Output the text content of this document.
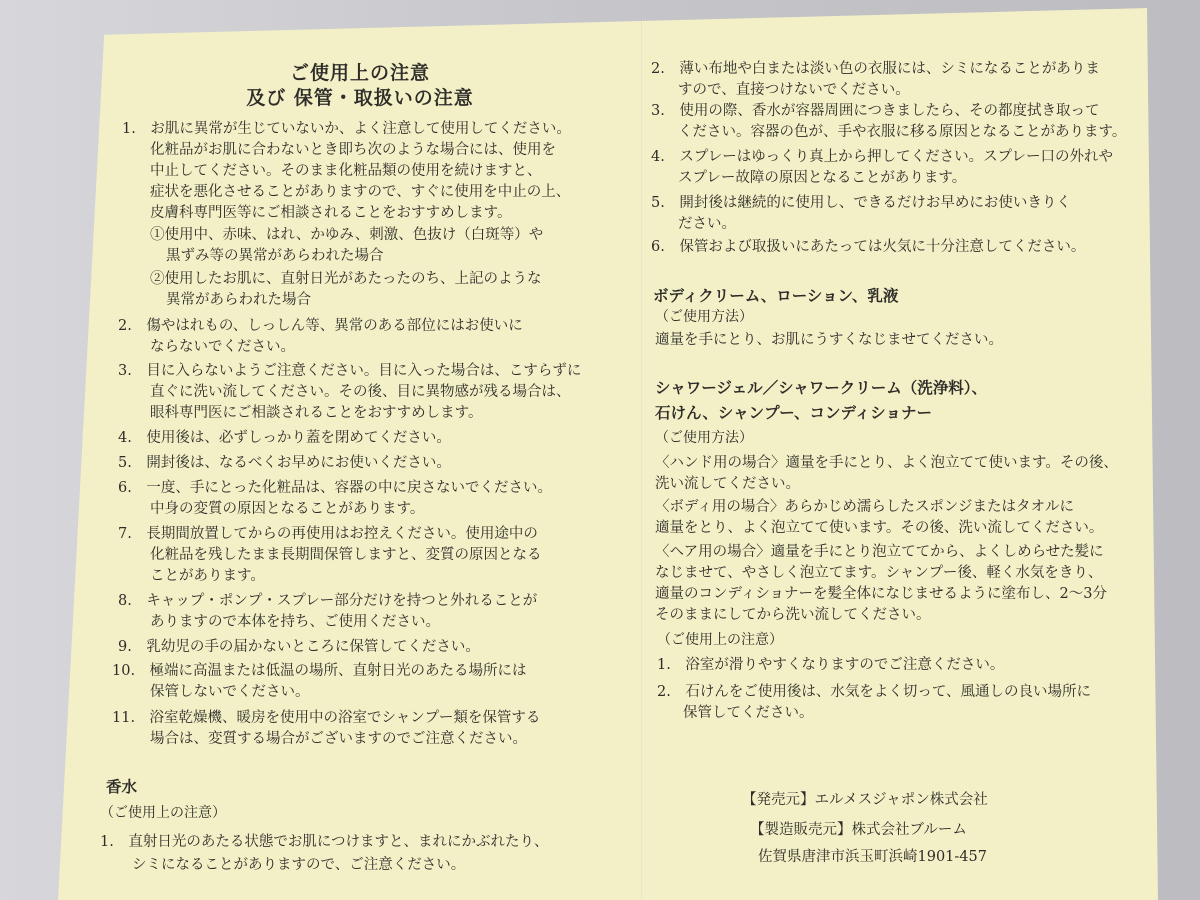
ご使用上の注意
及び 保管・取扱いの注意
1.　お肌に異常が生じていないか、よく注意して使用してください。
化粧品がお肌に合わないとき即ち次のような場合には、使用を
中止してください。そのまま化粧品類の使用を続けますと、
症状を悪化させることがありますので、すぐに使用を中止の上、
皮膚科専門医等にご相談されることをおすすめします。
①使用中、赤味、はれ、かゆみ、刺激、色抜け（白斑等）や
黒ずみ等の異常があらわれた場合
②使用したお肌に、直射日光があたったのち、上記のような
異常があらわれた場合
2.　傷やはれもの、しっしん等、異常のある部位にはお使いに
ならないでください。
3.　目に入らないようご注意ください。目に入った場合は、こすらずに
直ぐに洗い流してください。その後、目に異物感が残る場合は、
眼科専門医にご相談されることをおすすめします。
4.　使用後は、必ずしっかり蓋を閉めてください。
5.　開封後は、なるべくお早めにお使いください。
6.　一度、手にとった化粧品は、容器の中に戻さないでください。
中身の変質の原因となることがあります。
7.　長期間放置してからの再使用はお控えください。使用途中の
化粧品を残したまま長期間保管しますと、変質の原因となる
ことがあります。
8.　キャップ・ポンプ・スプレー部分だけを持つと外れることが
ありますので本体を持ち、ご使用ください。
9.　乳幼児の手の届かないところに保管してください。
10.　極端に高温または低温の場所、直射日光のあたる場所には
保管しないでください。
11.　浴室乾燥機、暖房を使用中の浴室でシャンプー類を保管する
場合は、変質する場合がございますのでご注意ください。
香水
（ご使用上の注意）
1.　直射日光のあたる状態でお肌につけますと、まれにかぶれたり、
シミになることがありますので、ご注意ください。
2.　薄い布地や白または淡い色の衣服には、シミになることがありま
すので、直接つけないでください。
3.　使用の際、香水が容器周囲につきましたら、その都度拭き取って
ください。容器の色が、手や衣服に移る原因となることがあります。
4.　スプレーはゆっくり真上から押してください。スプレー口の外れや
スプレー故障の原因となることがあります。
5.　開封後は継続的に使用し、できるだけお早めにお使いきりく
ださい。
6.　保管および取扱いにあたっては火気に十分注意してください。
ボディクリーム、ローション、乳液
（ご使用方法）
適量を手にとり、お肌にうすくなじませてください。
シャワージェル／シャワークリーム（洗浄料）、
石けん、シャンプー、コンディショナー
（ご使用方法）
〈ハンド用の場合〉適量を手にとり、よく泡立てて使います。その後、
洗い流してください。
〈ボディ用の場合〉あらかじめ濡らしたスポンジまたはタオルに
適量をとり、よく泡立てて使います。その後、洗い流してください。
〈ヘア用の場合〉適量を手にとり泡立ててから、よくしめらせた髪に
なじませて、やさしく泡立てます。シャンプー後、軽く水気をきり、
適量のコンディショナーを髪全体になじませるように塗布し、2〜3分
そのままにしてから洗い流してください。
（ご使用上の注意）
1.　浴室が滑りやすくなりますのでご注意ください。
2.　石けんをご使用後は、水気をよく切って、風通しの良い場所に
保管してください。
【発売元】エルメスジャポン株式会社
【製造販売元】株式会社ブルーム
佐賀県唐津市浜玉町浜崎1901-457
